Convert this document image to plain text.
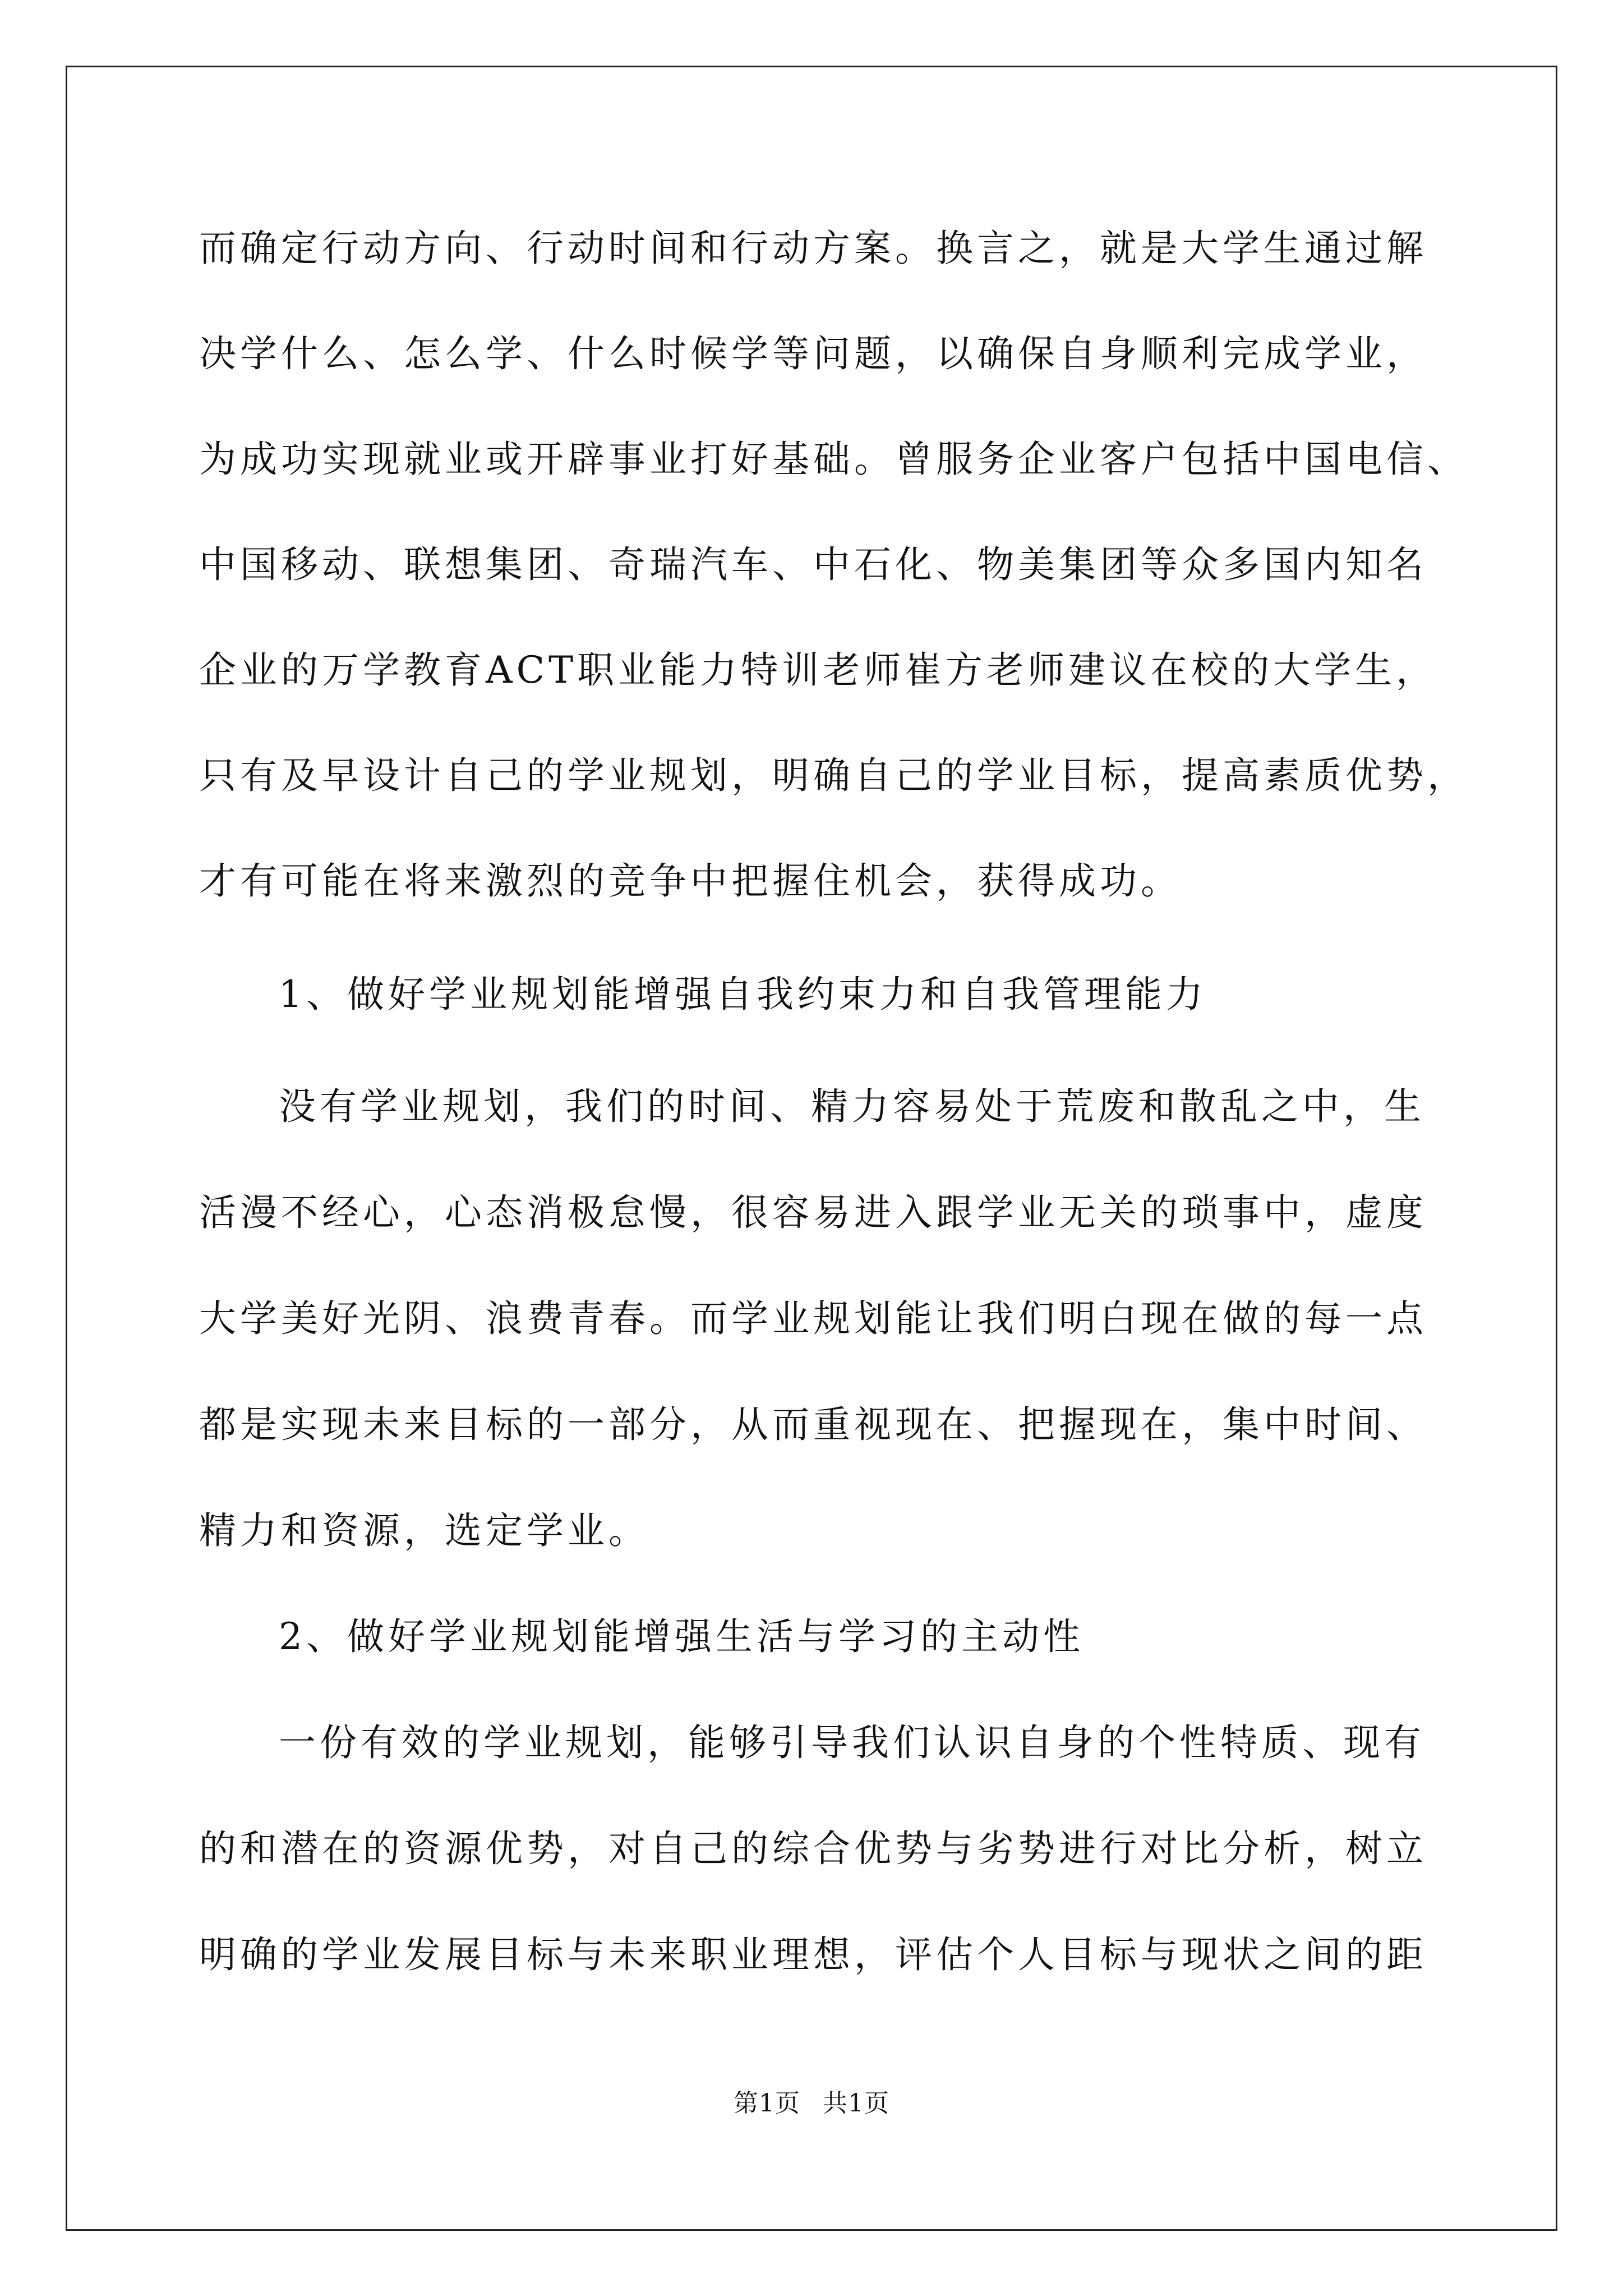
而确定行动方向、行动时间和行动方案。换言之，就是大学生通过解
决学什么、怎么学、什么时候学等问题，以确保自身顺利完成学业，
为成功实现就业或开辟事业打好基础。曾服务企业客户包括中国电信、
中国移动、联想集团、奇瑞汽车、中石化、物美集团等众多国内知名
企业的万学教育ACT职业能力特训老师崔方老师建议在校的大学生，
只有及早设计自己的学业规划，明确自己的学业目标，提高素质优势，
才有可能在将来激烈的竞争中把握住机会，获得成功。
1、做好学业规划能增强自我约束力和自我管理能力
没有学业规划，我们的时间、精力容易处于荒废和散乱之中，生
活漫不经心，心态消极怠慢，很容易进入跟学业无关的琐事中，虚度
大学美好光阴、浪费青春。而学业规划能让我们明白现在做的每一点
都是实现未来目标的一部分，从而重视现在、把握现在，集中时间、
精力和资源，选定学业。
2、做好学业规划能增强生活与学习的主动性
一份有效的学业规划，能够引导我们认识自身的个性特质、现有
的和潜在的资源优势，对自己的综合优势与劣势进行对比分析，树立
明确的学业发展目标与未来职业理想，评估个人目标与现状之间的距
第1页 共1页
